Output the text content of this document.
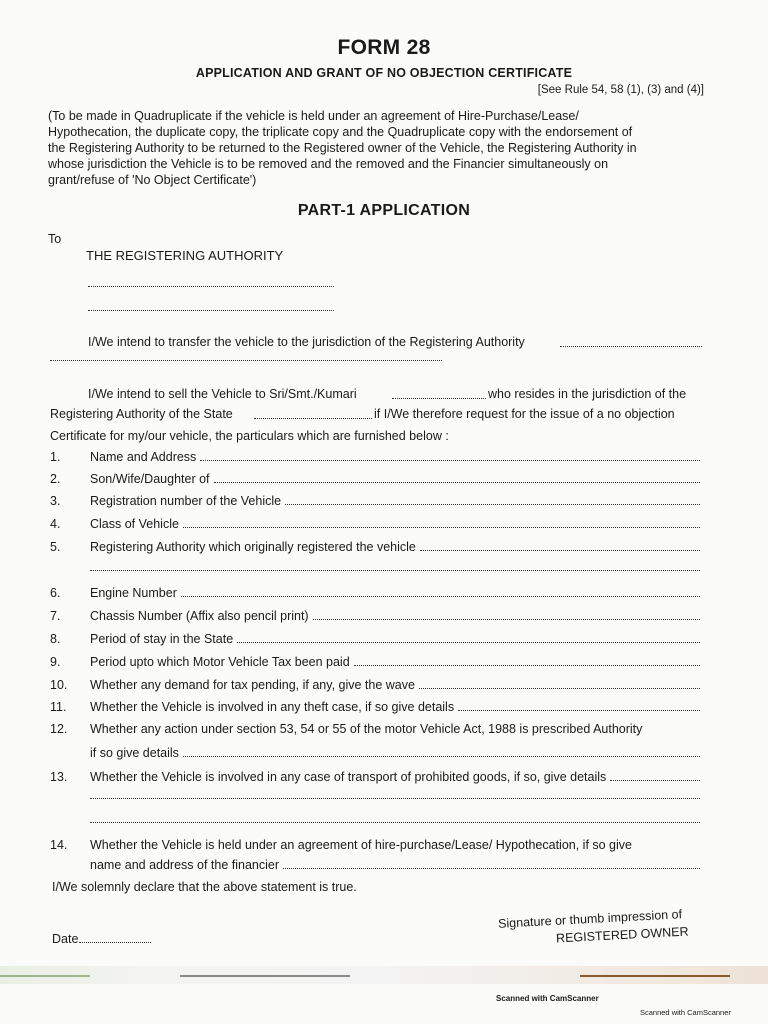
FORM 28
APPLICATION AND GRANT OF NO OBJECTION CERTIFICATE
[See Rule 54, 58 (1), (3) and (4)]
(To be made in Quadruplicate if the vehicle is held under an agreement of Hire-Purchase/Lease/
Hypothecation, the duplicate copy, the triplicate copy and the Quadruplicate copy with the endorsement of
the Registering Authority to be returned to the Registered owner of the Vehicle, the Registering Authority in
whose jurisdiction the Vehicle is to be removed and the removed and the Financier simultaneously on
grant/refuse of 'No Object Certificate')
PART-1 APPLICATION
To
THE REGISTERING AUTHORITY
I/We intend to transfer the vehicle to the jurisdiction of the Registering Authority
I/We intend to sell the Vehicle to Sri/Smt./Kumari	who resides in the jurisdiction of the
Registering Authority of the State	if I/We therefore request for the issue of a no objection
Certificate for my/our vehicle, the particulars which are furnished below :
1.	Name and Address
2.	Son/Wife/Daughter of
3.	Registration number of the Vehicle
4.	Class of Vehicle
5.	Registering Authority which originally registered the vehicle
6.	Engine Number
7.	Chassis Number (Affix also pencil print)
8.	Period of stay in the State
9.	Period upto which Motor Vehicle Tax been paid
10.	Whether any demand for tax pending, if any, give the wave
11.	Whether the Vehicle is involved in any theft case, if so give details
12.	Whether any action under section 53, 54 or 55 of the motor Vehicle Act, 1988 is prescribed Authority
if so give details
13.	Whether the Vehicle is involved in any case of transport of prohibited goods, if so, give details
14.	Whether the Vehicle is held under an agreement of hire-purchase/Lease/ Hypothecation, if so give
name and address of the financier
I/We solemnly declare that the above statement is true.
Date
Signature or thumb impression of
REGISTERED OWNER
Scanned with CamScanner
Scanned with CamScanner
